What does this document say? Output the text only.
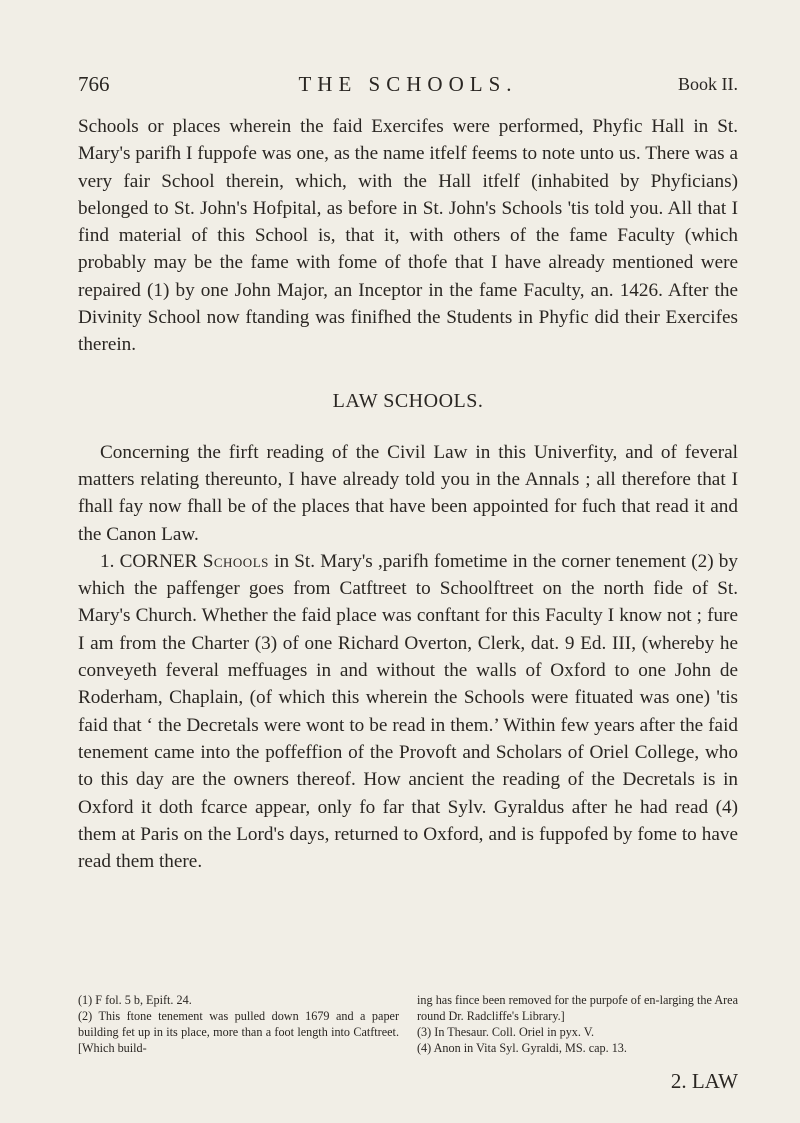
766	THE SCHOOLS.	Book II.

Schools or places wherein the faid Exercifes were performed, Phyfic Hall in St. Mary's parifh I fuppofe was one, as the name itfelf feems to note unto us. There was a very fair School therein, which, with the Hall itfelf (inhabited by Phyficians) belonged to St. John's Hofpital, as before in St. John's Schools 'tis told you. All that I find material of this School is, that it, with others of the fame Faculty (which probably may be the fame with fome of thofe that I have already mentioned were repaired (1) by one John Major, an Inceptor in the fame Faculty, an. 1426. After the Divinity School now ftanding was finifhed the Students in Phyfic did their Exercifes therein.

LAW SCHOOLS.

Concerning the firft reading of the Civil Law in this Univerfity, and of feveral matters relating thereunto, I have already told you in the Annals ; all therefore that I fhall fay now fhall be of the places that have been appointed for fuch that read it and the Canon Law.

1. CORNER Schools in St. Mary's ,parifh fometime in the corner tenement (2) by which the paffenger goes from Catftreet to Schoolftreet on the north fide of St. Mary's Church. Whether the faid place was conftant for this Faculty I know not ; fure I am from the Charter (3) of one Richard Overton, Clerk, dat. 9 Ed. III, (whereby he conveyeth feveral meffuages in and without the walls of Oxford to one John de Roderham, Chaplain, (of which this wherein the Schools were fituated was one) 'tis faid that ‘ the Decretals were wont to be read in them.’ Within few years after the faid tenement came into the poffeffion of the Provoft and Scholars of Oriel College, who to this day are the owners thereof. How ancient the reading of the Decretals is in Oxford it doth fcarce appear, only fo far that Sylv. Gyraldus after he had read (4) them at Paris on the Lord's days, returned to Oxford, and is fuppofed by fome to have read them there.

(1) F fol. 5 b, Epift. 24.

(2) This ftone tenement was pulled down 1679 and a paper building fet up in its place, more than a foot length into Catftreet. [Which build-

ing has fince been removed for the purpofe of en-larging the Area round Dr. Radcliffe's Library.]

(3) In Thesaur. Coll. Oriel in pyx. V.

(4) Anon in Vita Syl. Gyraldi, MS. cap. 13.

2. LAW
